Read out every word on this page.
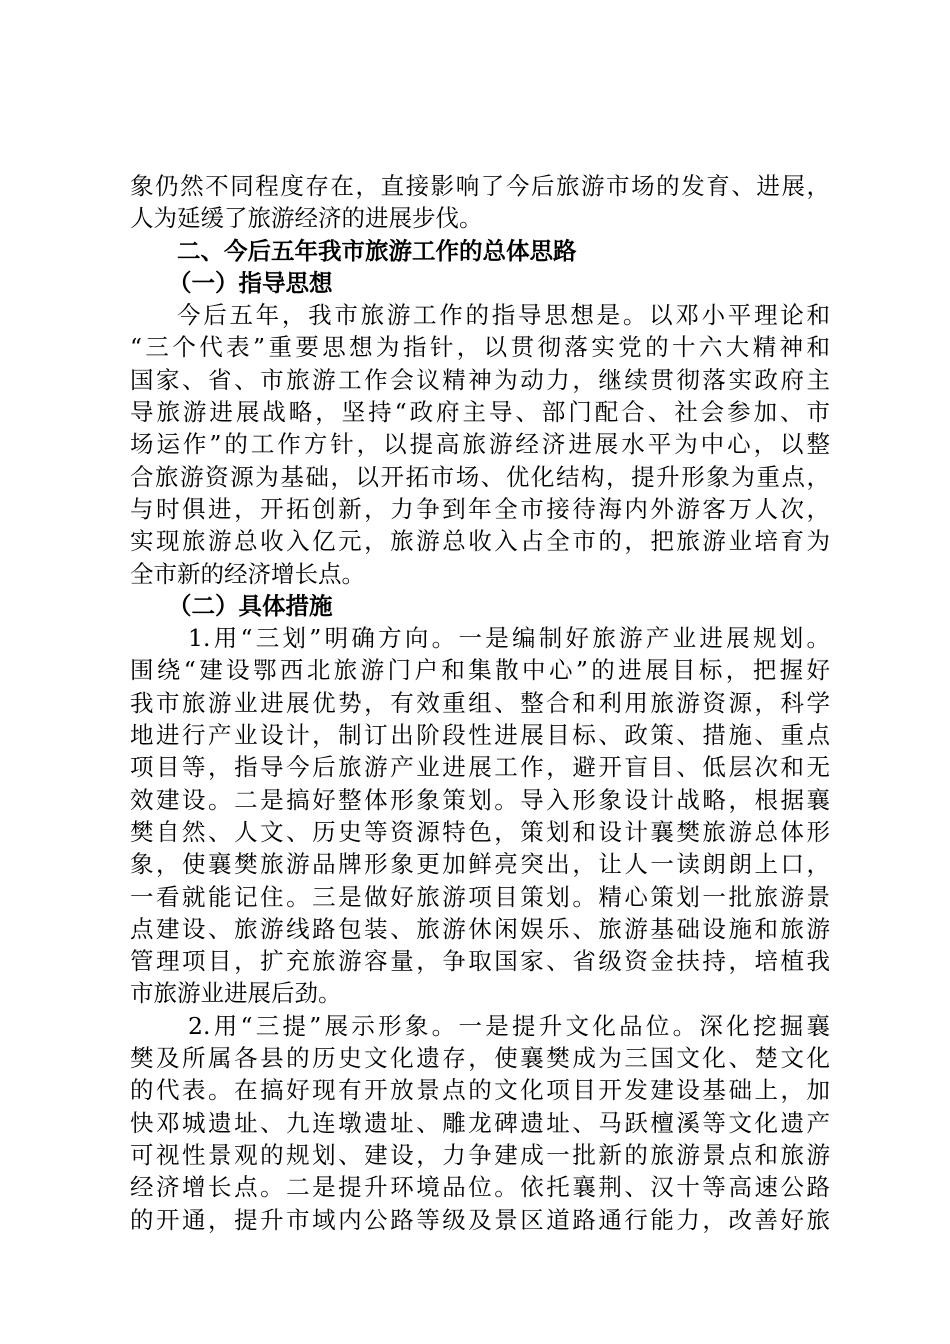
象仍然不同程度存在，直接影响了今后旅游市场的发育、进展，
人为延缓了旅游经济的进展步伐。
二、今后五年我市旅游工作的总体思路
（一）指导思想
今后五年，我市旅游工作的指导思想是。以邓小平理论和
“三个代表”重要思想为指针，以贯彻落实党的十六大精神和
国家、省、市旅游工作会议精神为动力，继续贯彻落实政府主
导旅游进展战略，坚持“政府主导、部门配合、社会参加、市
场运作”的工作方针，以提高旅游经济进展水平为中心，以整
合旅游资源为基础，以开拓市场、优化结构，提升形象为重点，
与时俱进，开拓创新，力争到年全市接待海内外游客万人次，
实现旅游总收入亿元，旅游总收入占全市的，把旅游业培育为
全市新的经济增长点。
（二）具体措施
1.用“三划”明确方向。一是编制好旅游产业进展规划。
围绕“建设鄂西北旅游门户和集散中心”的进展目标，把握好
我市旅游业进展优势，有效重组、整合和利用旅游资源，科学
地进行产业设计，制订出阶段性进展目标、政策、措施、重点
项目等，指导今后旅游产业进展工作，避开盲目、低层次和无
效建设。二是搞好整体形象策划。导入形象设计战略，根据襄
樊自然、人文、历史等资源特色，策划和设计襄樊旅游总体形
象，使襄樊旅游品牌形象更加鲜亮突出，让人一读朗朗上口，
一看就能记住。三是做好旅游项目策划。精心策划一批旅游景
点建设、旅游线路包装、旅游休闲娱乐、旅游基础设施和旅游
管理项目，扩充旅游容量，争取国家、省级资金扶持，培植我
市旅游业进展后劲。
2.用“三提”展示形象。一是提升文化品位。深化挖掘襄
樊及所属各县的历史文化遗存，使襄樊成为三国文化、楚文化
的代表。在搞好现有开放景点的文化项目开发建设基础上，加
快邓城遗址、九连墩遗址、雕龙碑遗址、马跃檀溪等文化遗产
可视性景观的规划、建设，力争建成一批新的旅游景点和旅游
经济增长点。二是提升环境品位。依托襄荆、汉十等高速公路
的开通，提升市域内公路等级及景区道路通行能力，改善好旅
